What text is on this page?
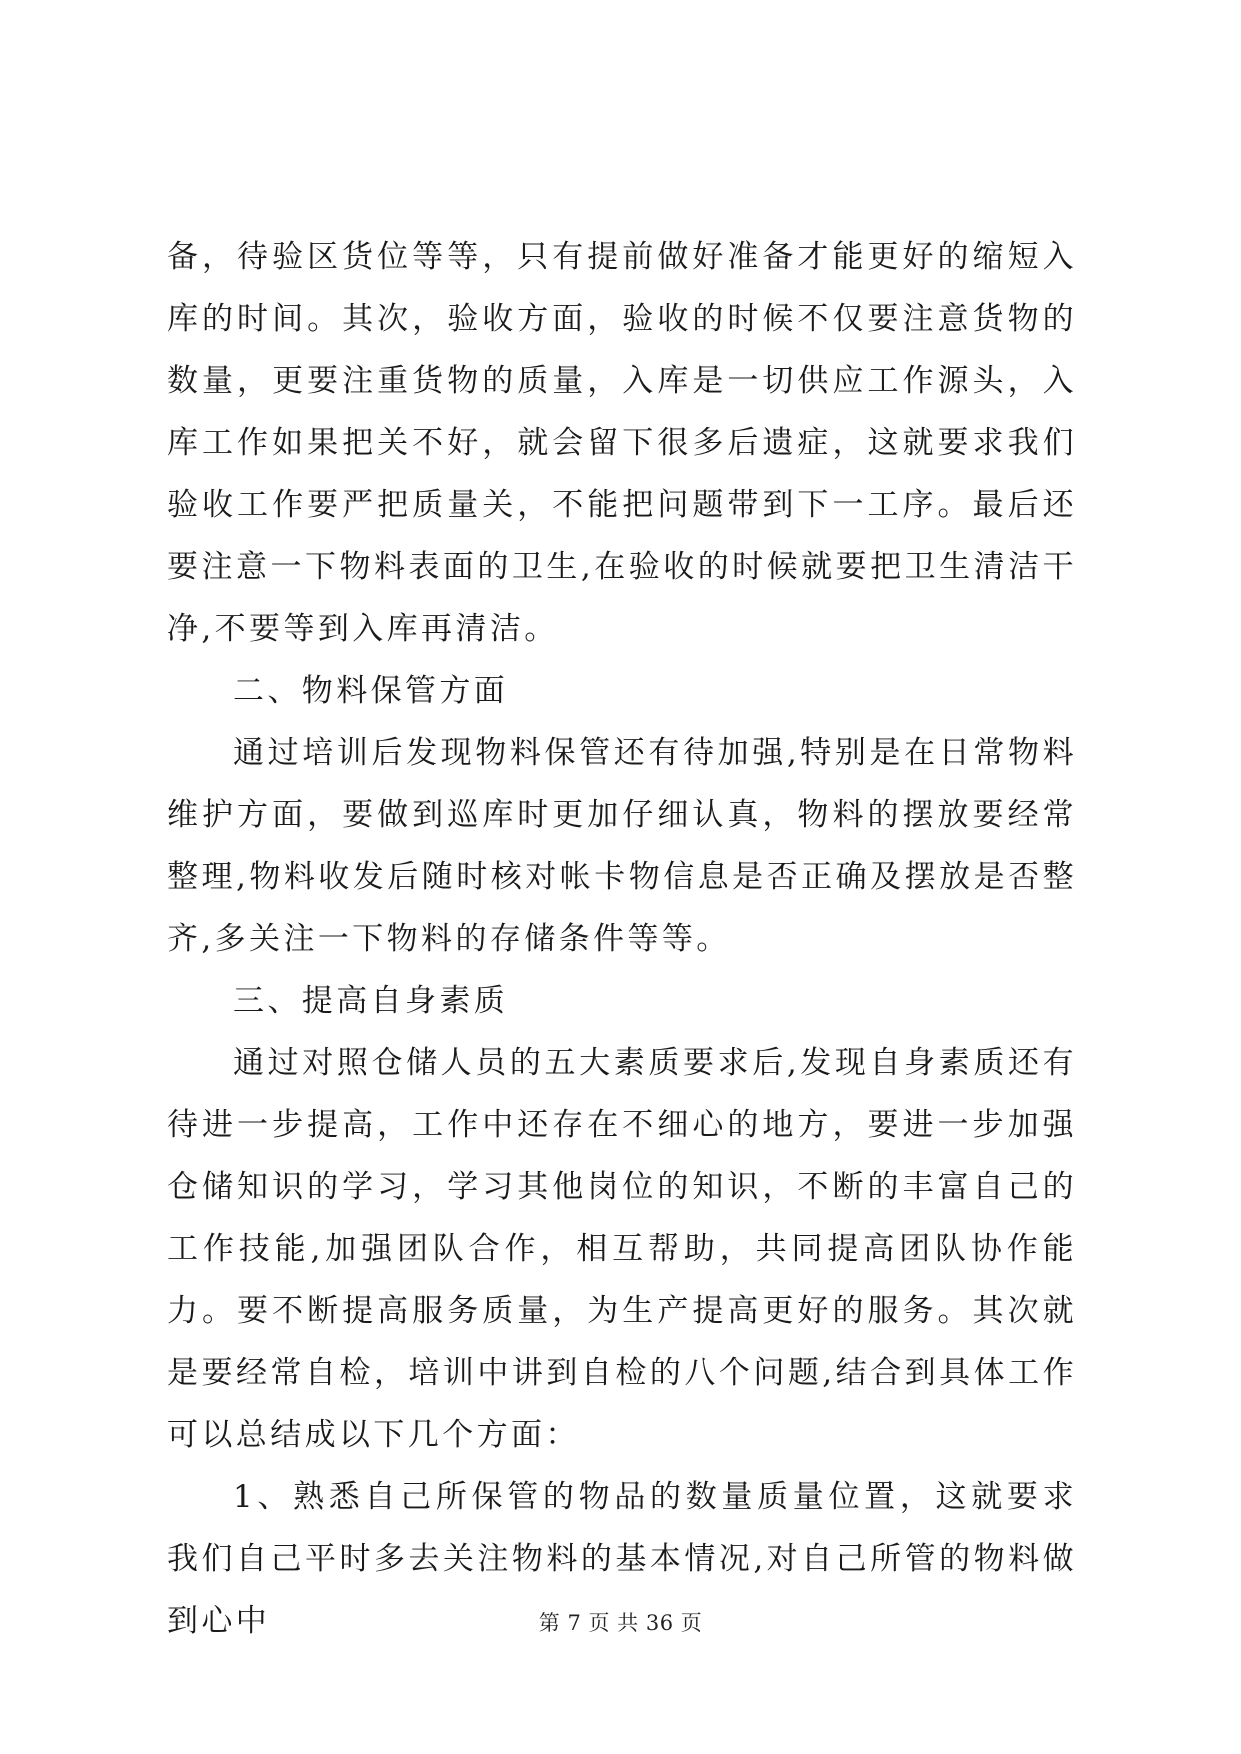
备，待验区货位等等，只有提前做好准备才能更好的缩短入库的时间。其次，验收方面，验收的时候不仅要注意货物的数量，更要注重货物的质量，入库是一切供应工作源头，入库工作如果把关不好，就会留下很多后遗症，这就要求我们验收工作要严把质量关，不能把问题带到下一工序。最后还要注意一下物料表面的卫生,在验收的时候就要把卫生清洁干净,不要等到入库再清洁。

二、物料保管方面

通过培训后发现物料保管还有待加强,特别是在日常物料维护方面，要做到巡库时更加仔细认真，物料的摆放要经常整理,物料收发后随时核对帐卡物信息是否正确及摆放是否整齐,多关注一下物料的存储条件等等。

三、提高自身素质

通过对照仓储人员的五大素质要求后,发现自身素质还有待进一步提高，工作中还存在不细心的地方，要进一步加强仓储知识的学习，学习其他岗位的知识，不断的丰富自己的工作技能,加强团队合作，相互帮助，共同提高团队协作能力。要不断提高服务质量，为生产提高更好的服务。其次就是要经常自检，培训中讲到自检的八个问题,结合到具体工作可以总结成以下几个方面：

1、熟悉自己所保管的物品的数量质量位置，这就要求我们自己平时多去关注物料的基本情况,对自己所管的物料做到心中	第 7 页 共 36 页
